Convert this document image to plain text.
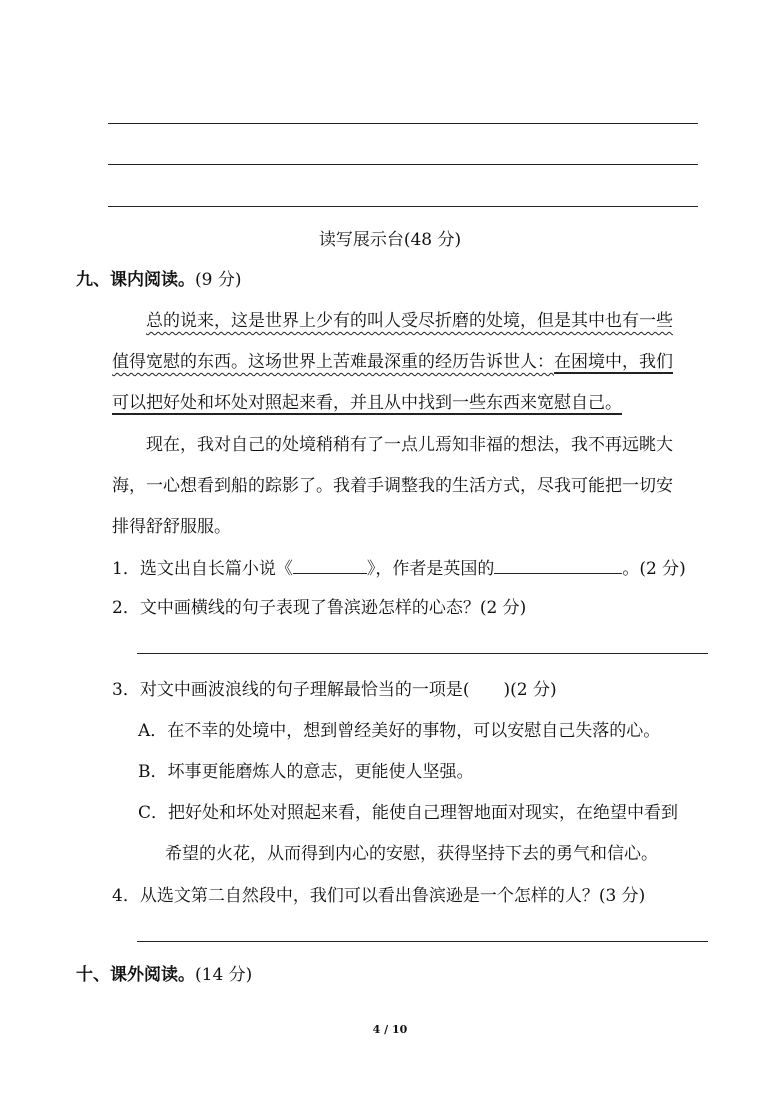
读写展示台(48 分)
九、课内阅读。(9 分)
总的说来，这是世界上少有的叫人受尽折磨的处境，但是其中也有一些
值得宽慰的东西。这场世界上苦难最深重的经历告诉世人：在困境中，我们
可以把好处和坏处对照起来看，并且从中找到一些东西来宽慰自己。
现在，我对自己的处境稍稍有了一点儿焉知非福的想法，我不再远眺大
海，一心想看到船的踪影了。我着手调整我的生活方式，尽我可能把一切安
排得舒舒服服。
1．选文出自长篇小说《	》，作者是英国的	。(2 分)
2．文中画横线的句子表现了鲁滨逊怎样的心态？(2 分)
3．对文中画波浪线的句子理解最恰当的一项是(　　)(2 分)
A．在不幸的处境中，想到曾经美好的事物，可以安慰自己失落的心。
B．坏事更能磨炼人的意志，更能使人坚强。
C．把好处和坏处对照起来看，能使自己理智地面对现实，在绝望中看到
希望的火花，从而得到内心的安慰，获得坚持下去的勇气和信心。
4．从选文第二自然段中，我们可以看出鲁滨逊是一个怎样的人？(3 分)
十、课外阅读。(14 分)
4 / 10
